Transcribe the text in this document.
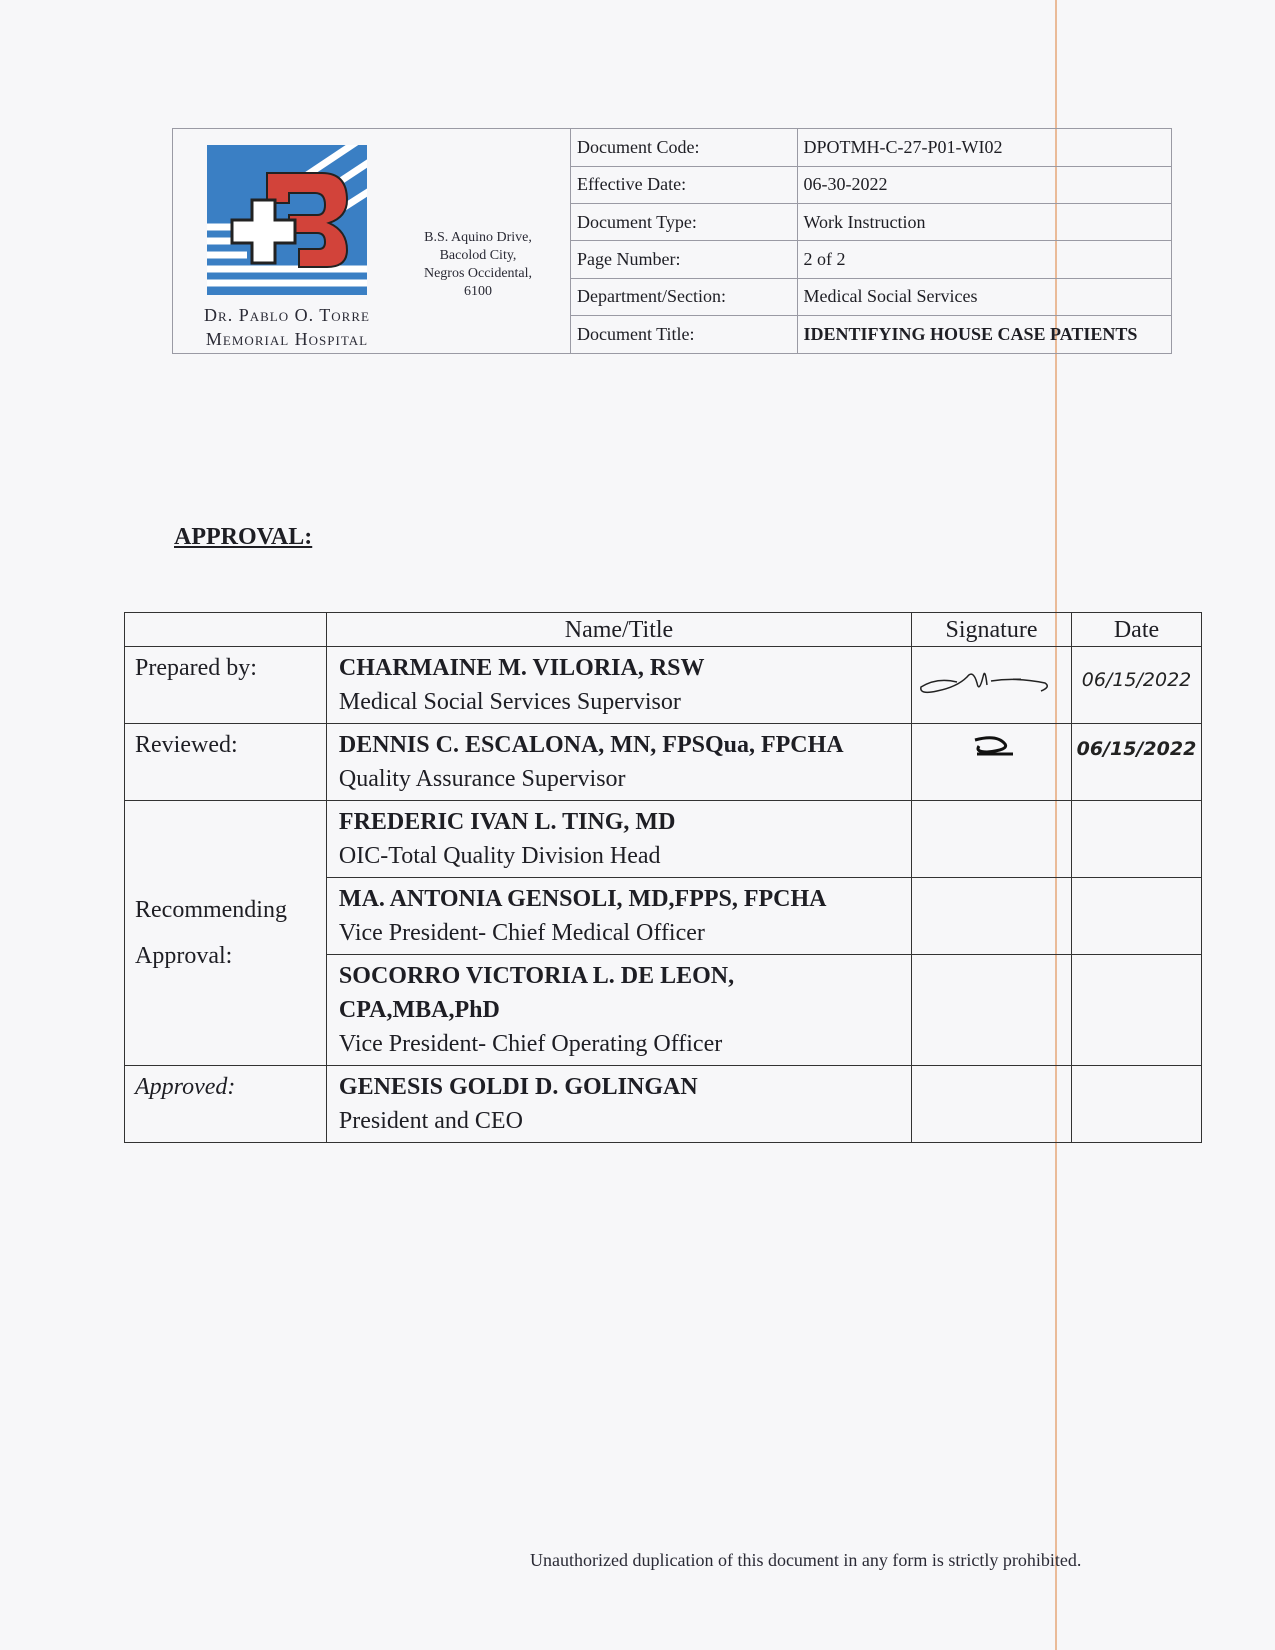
Dr. Pablo O. Torre
Memorial Hospital
B.S. Aquino Drive,
Bacolod City,
Negros Occidental,
6100
Document Code:	DPOTMH-C-27-P01-WI02
Effective Date:	06-30-2022
Document Type:	Work Instruction
Page Number:	2 of 2
Department/Section:	Medical Social Services
Document Title:	IDENTIFYING HOUSE CASE PATIENTS
APPROVAL:
	Name/Title	Signature	Date
Prepared by:	CHARMAINE M. VILORIA, RSW
Medical Social Services Supervisor		06/15/2022

Reviewed:	DENNIS C. ESCALONA, MN, FPSQua, FPCHA
Quality Assurance Supervisor		06/15/2022

Recommending Approval:	FREDERIC IVAN L. TING, MD
OIC-Total Quality Division Head		

	MA. ANTONIA GENSOLI, MD,FPPS, FPCHA
Vice President- Chief Medical Officer		

	SOCORRO VICTORIA L. DE LEON, CPA,MBA,PhD
Vice President- Chief Operating Officer		

Approved:	GENESIS GOLDI D. GOLINGAN
President and CEO		

Unauthorized duplication of this document in any form is strictly prohibited.
